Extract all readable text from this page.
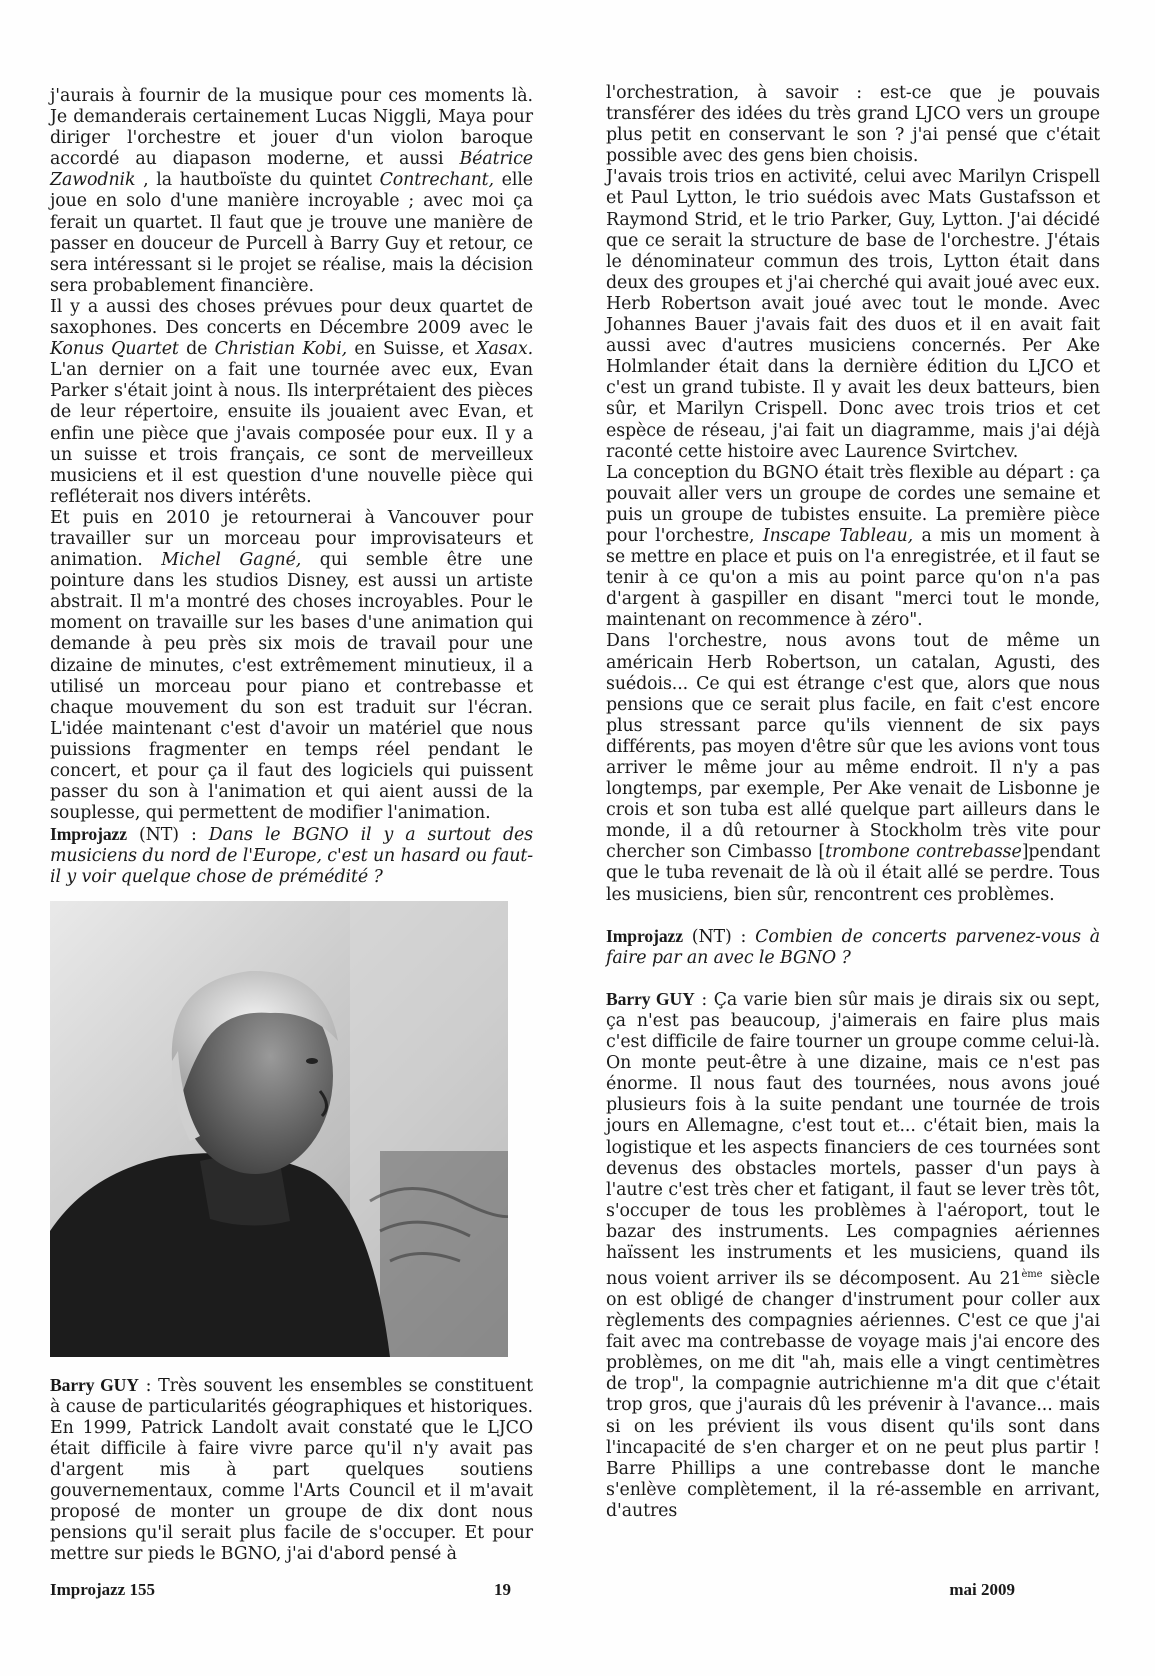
j'aurais à fournir de la musique pour ces moments là. Je demanderais certainement Lucas Niggli, Maya pour diriger l'orchestre et jouer d'un violon baroque accordé au diapason moderne, et aussi Béatrice Zawodnik , la hautboïste du quintet Contrechant, elle joue en solo d'une manière incroyable ; avec moi ça ferait un quartet. Il faut que je trouve une manière de passer en douceur de Purcell à Barry Guy et retour, ce sera intéressant si le projet se réalise, mais la décision sera probablement financière.

Il y a aussi des choses prévues pour deux quartet de saxophones. Des concerts en Décembre 2009 avec le Konus Quartet de Christian Kobi, en Suisse, et Xasax. L'an dernier on a fait une tournée avec eux, Evan Parker s'était joint à nous. Ils interprétaient des pièces de leur répertoire, ensuite ils jouaient avec Evan, et enfin une pièce que j'avais composée pour eux. Il y a un suisse et trois français, ce sont de merveilleux musiciens et il est question d'une nouvelle pièce qui refléterait nos divers intérêts.

Et puis en 2010 je retournerai à Vancouver pour travailler sur un morceau pour improvisateurs et animation. Michel Gagné, qui semble être une pointure dans les studios Disney, est aussi un artiste abstrait. Il m'a montré des choses incroyables. Pour le moment on travaille sur les bases d'une animation qui demande à peu près six mois de travail pour une dizaine de minutes, c'est extrêmement minutieux, il a utilisé un morceau pour piano et contrebasse et chaque mouvement du son est traduit sur l'écran. L'idée maintenant c'est d'avoir un matériel que nous puissions fragmenter en temps réel pendant le concert, et pour ça il faut des logiciels qui puissent passer du son à l'animation et qui aient aussi de la souplesse, qui permettent de modifier l'animation.

Improjazz (NT) : Dans le BGNO il y a surtout des musiciens du nord de l'Europe, c'est un hasard ou faut-il y voir quelque chose de prémédité ?

Barry GUY : Très souvent les ensembles se constituent à cause de particularités géographiques et historiques. En 1999, Patrick Landolt avait constaté que le LJCO était difficile à faire vivre parce qu'il n'y avait pas d'argent mis à part quelques soutiens gouvernementaux, comme l'Arts Council et il m'avait proposé de monter un groupe de dix dont nous pensions qu'il serait plus facile de s'occuper. Et pour mettre sur pieds le BGNO, j'ai d'abord pensé à

l'orchestration, à savoir : est-ce que je pouvais transférer des idées du très grand LJCO vers un groupe plus petit en conservant le son ? j'ai pensé que c'était possible avec des gens bien choisis.

J'avais trois trios en activité, celui avec Marilyn Crispell et Paul Lytton, le trio suédois avec Mats Gustafsson et Raymond Strid, et le trio Parker, Guy, Lytton. J'ai décidé que ce serait la structure de base de l'orchestre. J'étais le dénominateur commun des trois, Lytton était dans deux des groupes et j'ai cherché qui avait joué avec eux. Herb Robertson avait joué avec tout le monde. Avec Johannes Bauer j'avais fait des duos et il en avait fait aussi avec d'autres musiciens concernés. Per Ake Holmlander était dans la dernière édition du LJCO et c'est un grand tubiste. Il y avait les deux batteurs, bien sûr, et Marilyn Crispell. Donc avec trois trios et cet espèce de réseau, j'ai fait un diagramme, mais j'ai déjà raconté cette histoire avec Laurence Svirtchev.

La conception du BGNO était très flexible au départ : ça pouvait aller vers un groupe de cordes une semaine et puis un groupe de tubistes ensuite. La première pièce pour l'orchestre, Inscape Tableau, a mis un moment à se mettre en place et puis on l'a enregistrée, et il faut se tenir à ce qu'on a mis au point parce qu'on n'a pas d'argent à gaspiller en disant "merci tout le monde, maintenant on recommence à zéro".

Dans l'orchestre, nous avons tout de même un américain Herb Robertson, un catalan, Agusti, des suédois... Ce qui est étrange c'est que, alors que nous pensions que ce serait plus facile, en fait c'est encore plus stressant parce qu'ils viennent de six pays différents, pas moyen d'être sûr que les avions vont tous arriver le même jour au même endroit. Il n'y a pas longtemps, par exemple, Per Ake venait de Lisbonne je crois et son tuba est allé quelque part ailleurs dans le monde, il a dû retourner à Stockholm très vite pour chercher son Cimbasso [trombone contrebasse]pendant que le tuba revenait de là où il était allé se perdre. Tous les musiciens, bien sûr, rencontrent ces problèmes.

Improjazz (NT) : Combien de concerts parvenez-vous à faire par an avec le BGNO ?

Barry GUY : Ça varie bien sûr mais je dirais six ou sept, ça n'est pas beaucoup, j'aimerais en faire plus mais c'est difficile de faire tourner un groupe comme celui-là. On monte peut-être à une dizaine, mais ce n'est pas énorme. Il nous faut des tournées, nous avons joué plusieurs fois à la suite pendant une tournée de trois jours en Allemagne, c'est tout et... c'était bien, mais la logistique et les aspects financiers de ces tournées sont devenus des obstacles mortels, passer d'un pays à l'autre c'est très cher et fatigant, il faut se lever très tôt, s'occuper de tous les problèmes à l'aéroport, tout le bazar des instruments. Les compagnies aériennes haïssent les instruments et les musiciens, quand ils nous voient arriver ils se décomposent. Au 21ème siècle on est obligé de changer d'instrument pour coller aux règlements des compagnies aériennes. C'est ce que j'ai fait avec ma contrebasse de voyage mais j'ai encore des problèmes, on me dit "ah, mais elle a vingt centimètres de trop", la compagnie autrichienne m'a dit que c'était trop gros, que j'aurais dû les prévenir à l'avance... mais si on les prévient ils vous disent qu'ils sont dans l'incapacité de s'en charger et on ne peut plus partir ! Barre Phillips a une contrebasse dont le manche s'enlève complètement, il la ré-assemble en arrivant, d'autres

Improjazz 155	19	mai 2009
